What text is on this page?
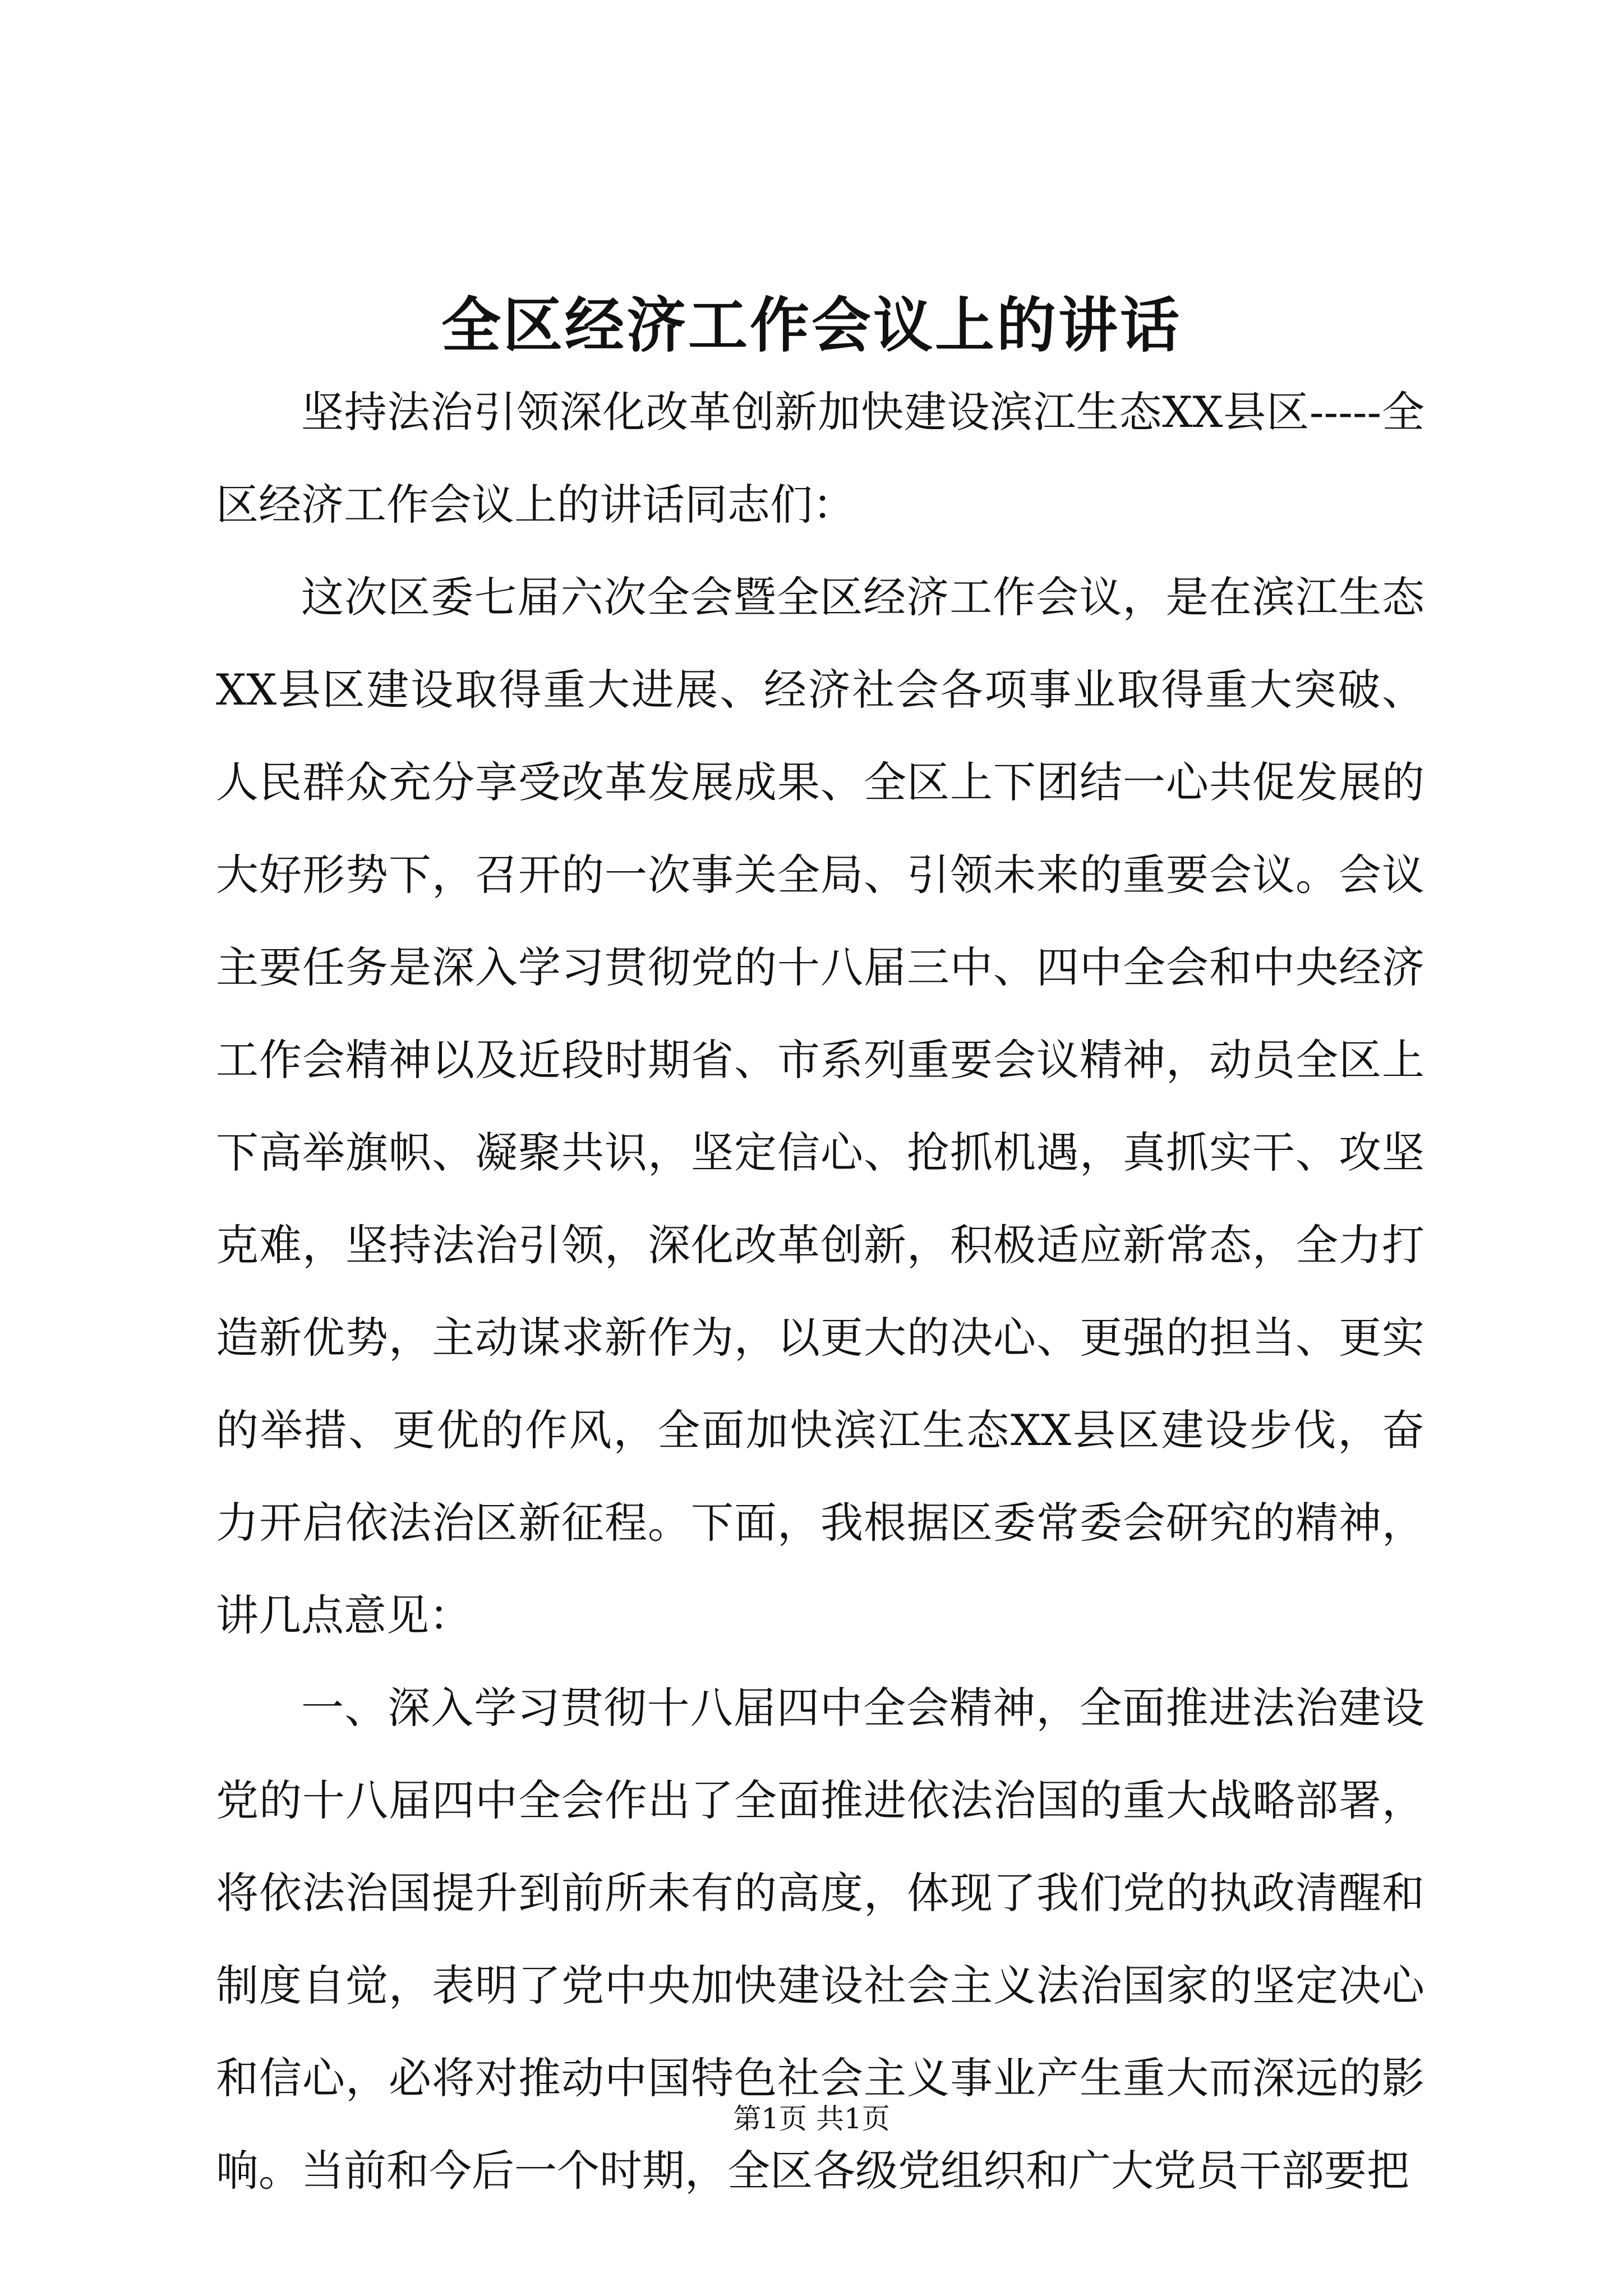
全区经济工作会议上的讲话

坚持法治引领深化改革创新加快建设滨江生态XX县区-----全区经济工作会议上的讲话同志们：

这次区委七届六次全会暨全区经济工作会议，是在滨江生态XX县区建设取得重大进展、经济社会各项事业取得重大突破、人民群众充分享受改革发展成果、全区上下团结一心共促发展的大好形势下，召开的一次事关全局、引领未来的重要会议。会议主要任务是深入学习贯彻党的十八届三中、四中全会和中央经济工作会精神以及近段时期省、市系列重要会议精神，动员全区上下高举旗帜、凝聚共识，坚定信心、抢抓机遇，真抓实干、攻坚克难，坚持法治引领，深化改革创新，积极适应新常态，全力打造新优势，主动谋求新作为，以更大的决心、更强的担当、更实的举措、更优的作风，全面加快滨江生态XX县区建设步伐，奋力开启依法治区新征程。下面，我根据区委常委会研究的精神，讲几点意见：

一、深入学习贯彻十八届四中全会精神，全面推进法治建设党的十八届四中全会作出了全面推进依法治国的重大战略部署，将依法治国提升到前所未有的高度，体现了我们党的执政清醒和制度自觉，表明了党中央加快建设社会主义法治国家的坚定决心和信心，必将对推动中国特色社会主义事业产生重大而深远的影响。当前和今后一个时期，全区各级党组织和广大党员干部要把

第1页 共1页
